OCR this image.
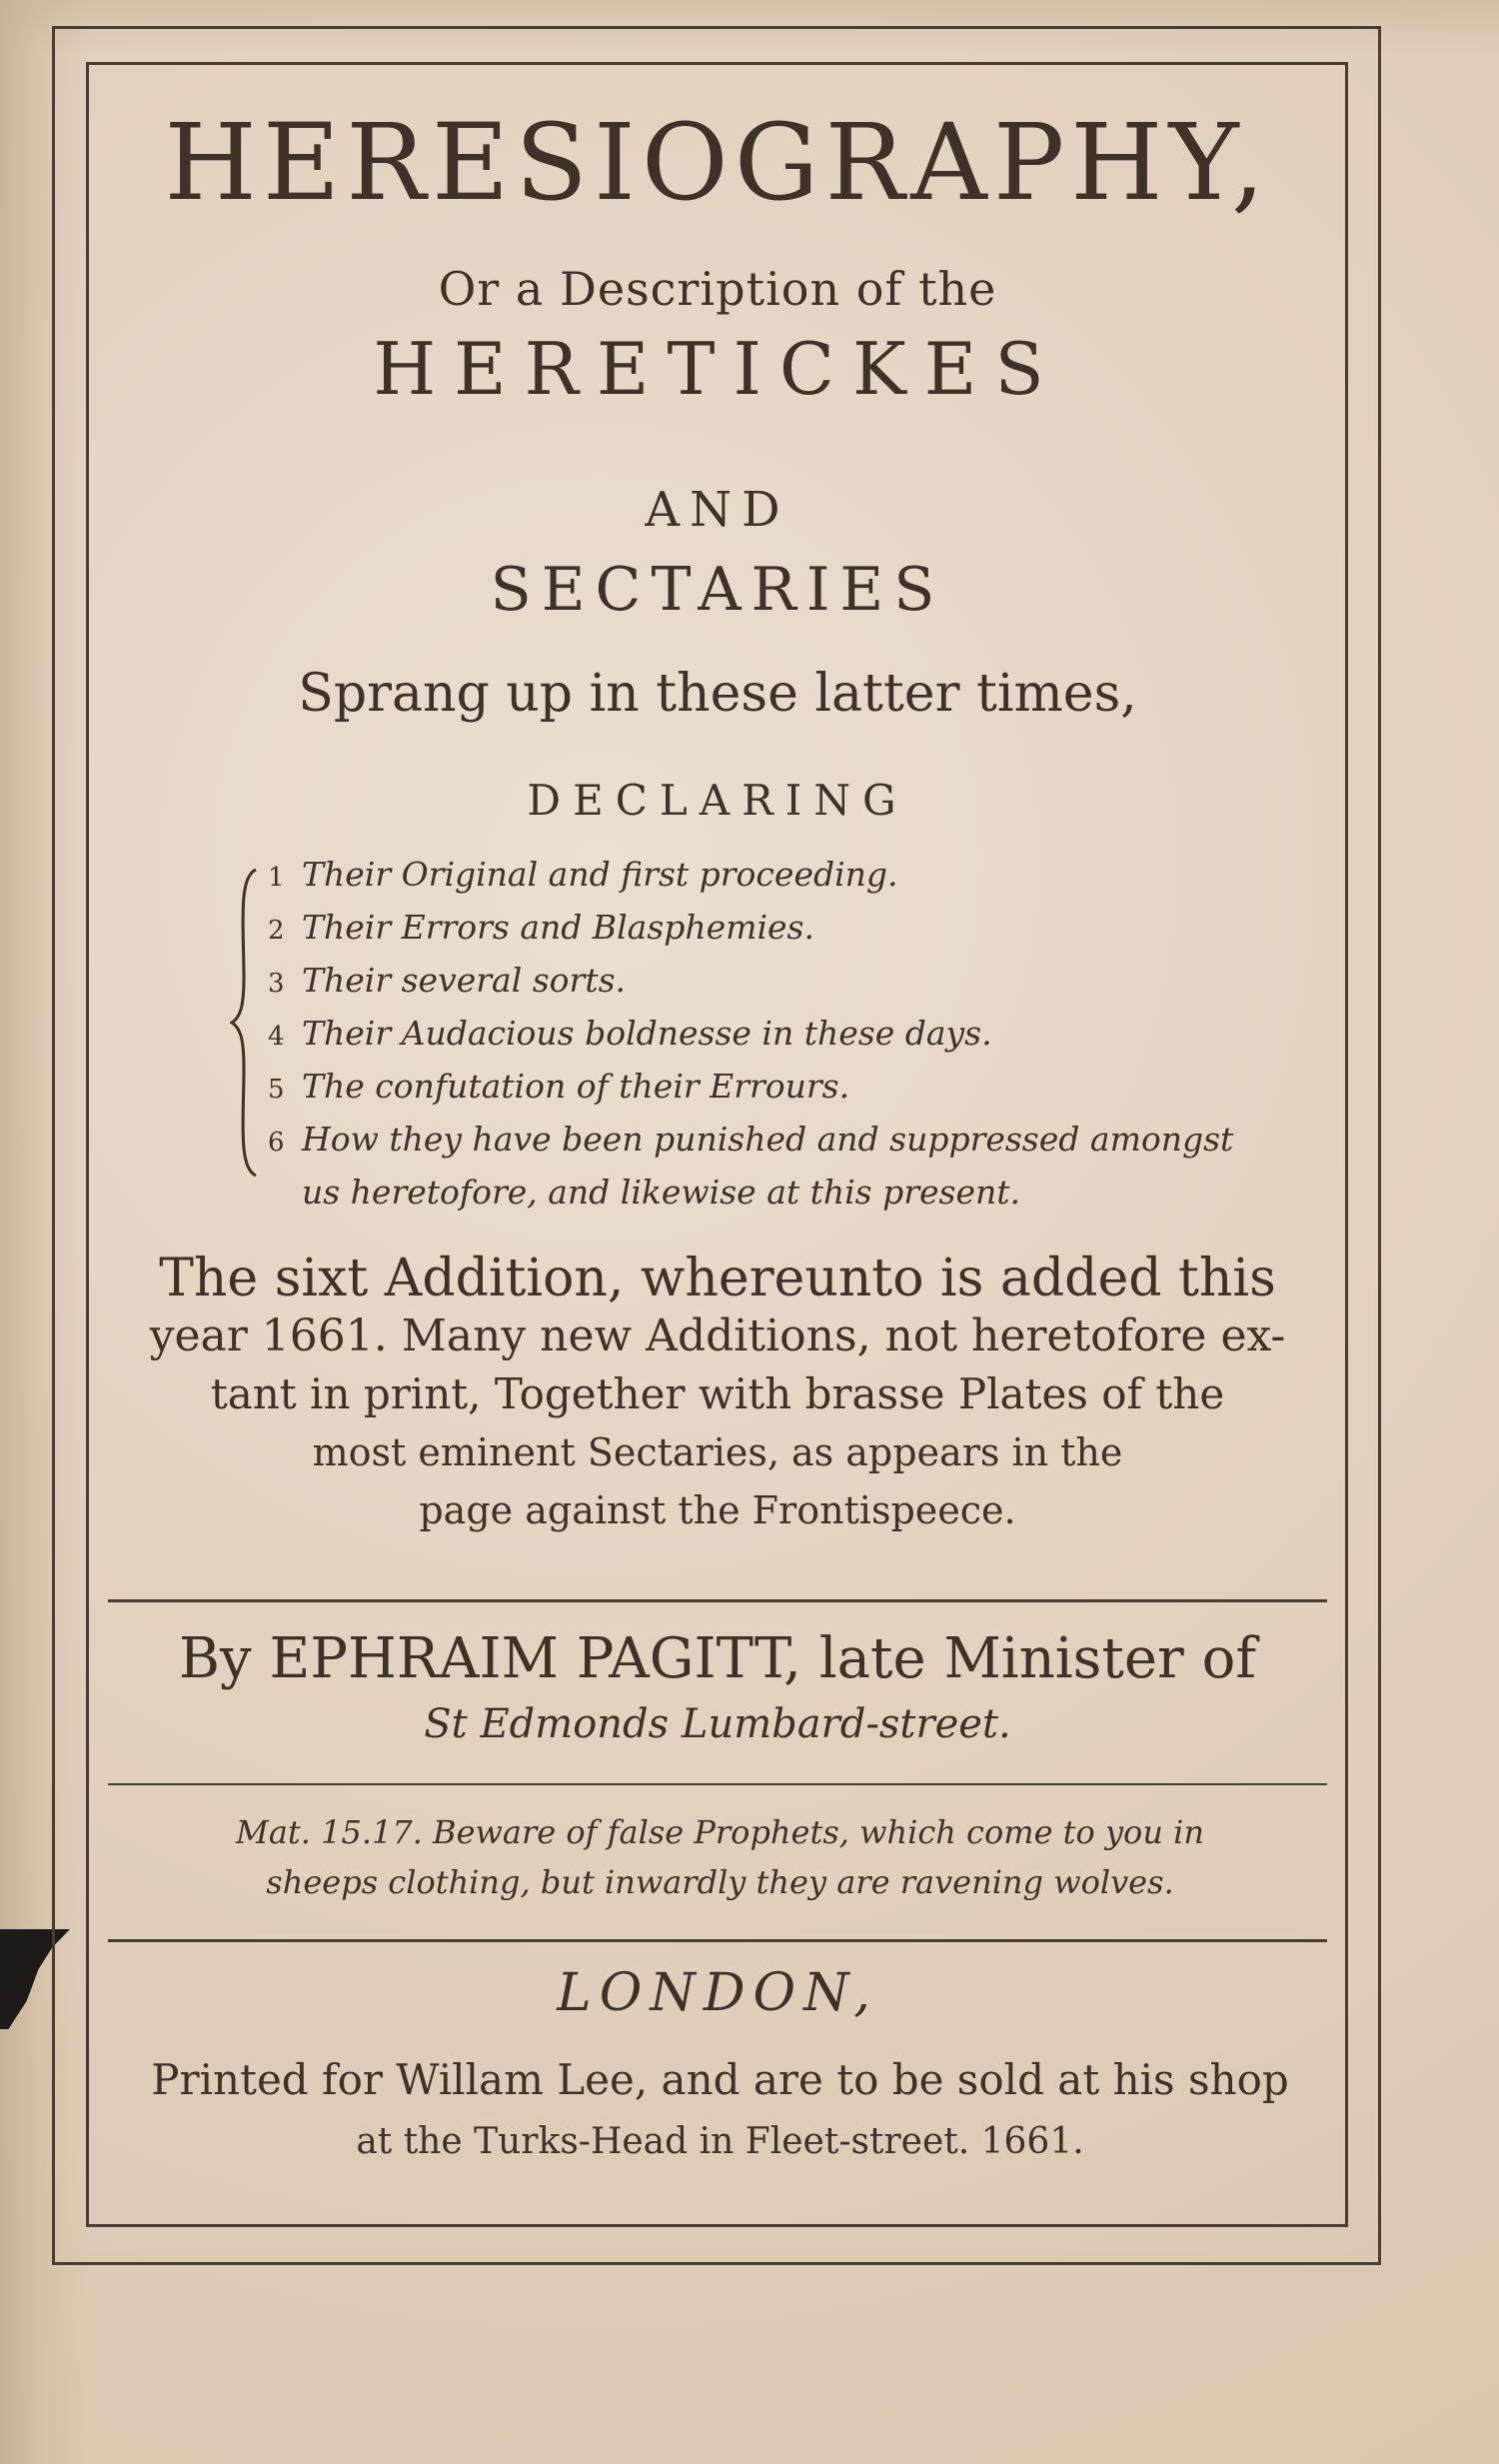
HERESIOGRAPHY,

Or a Description of the

HERETICKES

AND

SECTARIES

Sprang up in these latter times,

DECLARING

1 Their Original and first proceeding.
2 Their Errors and Blasphemies.
3 Their several sorts.
4 Their Audacious boldnesse in these days.
5 The confutation of their Errours.
6 How they have been punished and suppressed amongst
us heretofore, and likewise at this present.

The sixt Addition, whereunto is added this
year 1661. Many new Additions, not heretofore ex-
tant in print, Together with brasse Plates of the
most eminent Sectaries, as appears in the
page against the Frontispeece.

By EPHRAIM PAGITT, late Minister of

St Edmonds Lumbard-street.

Mat. 15.17. Beware of false Prophets, which come to you in
sheeps clothing, but inwardly they are ravening wolves.

LONDON,

Printed for Willam Lee, and are to be sold at his shop
at the Turks-Head in Fleet-street. 1661.
